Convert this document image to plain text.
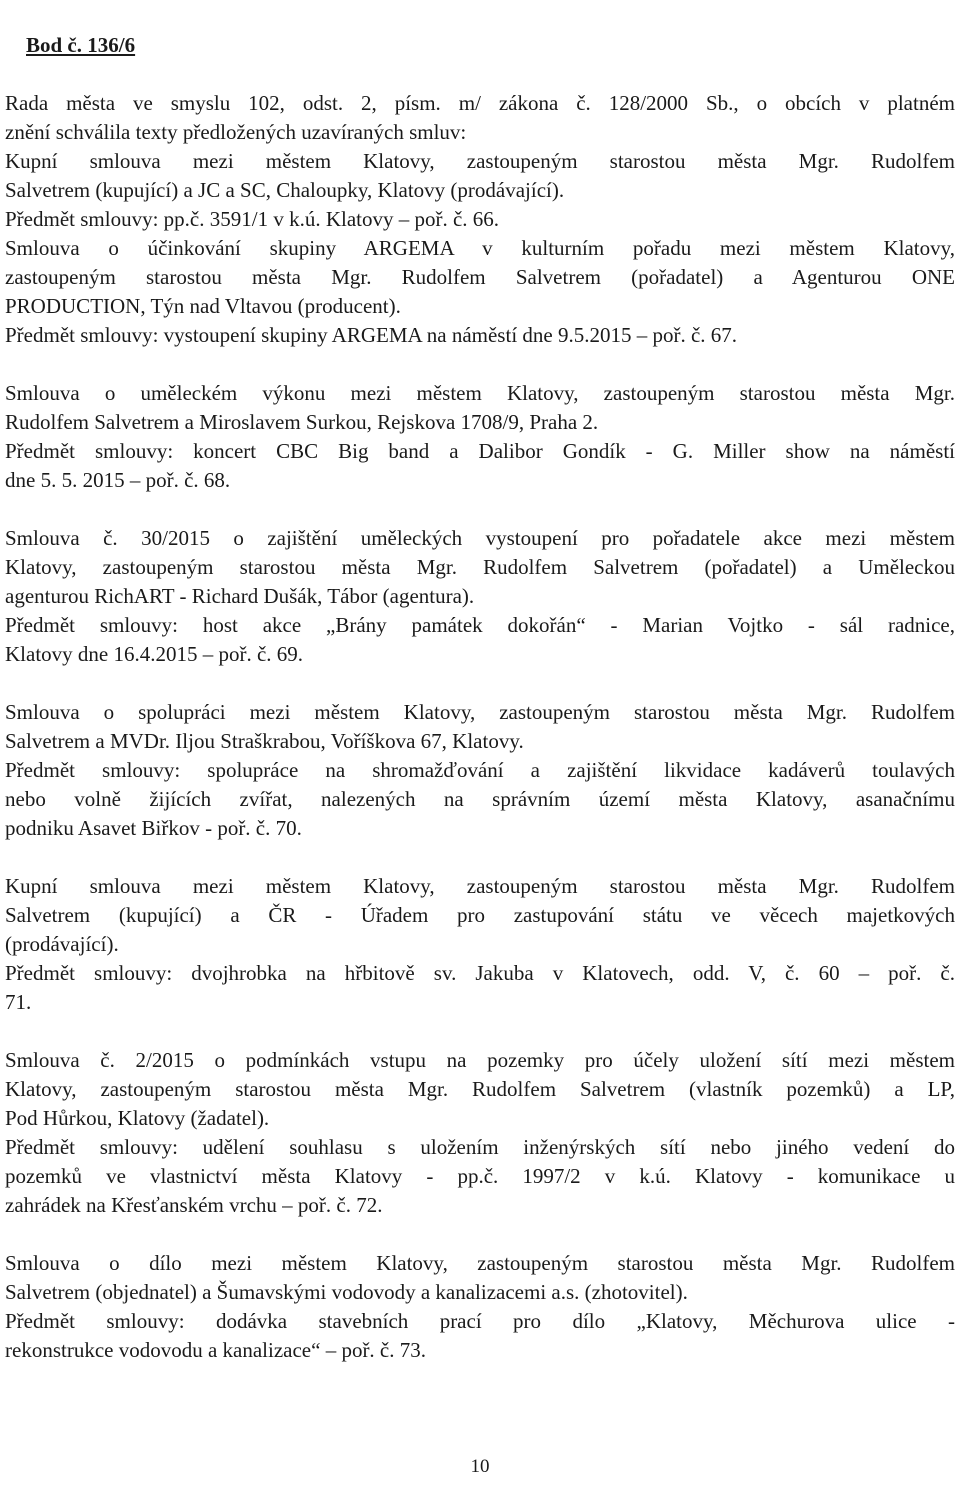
Bod č. 136/6

Rada města ve smyslu 102, odst. 2, písm. m/ zákona č. 128/2000 Sb., o obcích v platném
znění schválila texty předložených uzavíraných smluv:
Kupní smlouva mezi městem Klatovy, zastoupeným starostou města Mgr. Rudolfem
Salvetrem (kupující) a JC a SC, Chaloupky, Klatovy (prodávající).
Předmět smlouvy: pp.č. 3591/1 v k.ú. Klatovy – poř. č. 66.
Smlouva o účinkování skupiny ARGEMA v kulturním pořadu mezi městem Klatovy,
zastoupeným starostou města Mgr. Rudolfem Salvetrem (pořadatel) a Agenturou ONE
PRODUCTION, Týn nad Vltavou (producent).
Předmět smlouvy: vystoupení skupiny ARGEMA na náměstí dne 9.5.2015 – poř. č. 67.
Smlouva o uměleckém výkonu mezi městem Klatovy, zastoupeným starostou města Mgr.
Rudolfem Salvetrem a Miroslavem Surkou, Rejskova 1708/9, Praha 2.
Předmět smlouvy: koncert CBC Big band a Dalibor Gondík - G. Miller show na náměstí
dne 5. 5. 2015 – poř. č. 68.
Smlouva č. 30/2015 o zajištění uměleckých vystoupení pro pořadatele akce mezi městem
Klatovy, zastoupeným starostou města Mgr. Rudolfem Salvetrem (pořadatel) a Uměleckou
agenturou RichART - Richard Dušák, Tábor (agentura).
Předmět smlouvy: host akce „Brány památek dokořán“ - Marian Vojtko - sál radnice,
Klatovy dne 16.4.2015 – poř. č. 69.
Smlouva o spolupráci mezi městem Klatovy, zastoupeným starostou města Mgr. Rudolfem
Salvetrem a MVDr. Iljou Straškrabou, Voříškova 67, Klatovy.
Předmět smlouvy: spolupráce na shromažďování a zajištění likvidace kadáverů toulavých
nebo volně žijících zvířat, nalezených na správním území města Klatovy, asanačnímu
podniku Asavet Biřkov - poř. č. 70.
Kupní smlouva mezi městem Klatovy, zastoupeným starostou města Mgr. Rudolfem
Salvetrem (kupující) a ČR - Úřadem pro zastupování státu ve věcech majetkových
(prodávající).
Předmět smlouvy: dvojhrobka na hřbitově sv. Jakuba v Klatovech, odd. V, č. 60 – poř. č.
71.
Smlouva č. 2/2015 o podmínkách vstupu na pozemky pro účely uložení sítí mezi městem
Klatovy, zastoupeným starostou města Mgr. Rudolfem Salvetrem (vlastník pozemků) a LP,
Pod Hůrkou, Klatovy (žadatel).
Předmět smlouvy: udělení souhlasu s uložením inženýrských sítí nebo jiného vedení do
pozemků ve vlastnictví města Klatovy - pp.č. 1997/2 v k.ú. Klatovy - komunikace u
zahrádek na Křesťanském vrchu – poř. č. 72.
Smlouva o dílo mezi městem Klatovy, zastoupeným starostou města Mgr. Rudolfem
Salvetrem (objednatel) a Šumavskými vodovody a kanalizacemi a.s. (zhotovitel).
Předmět smlouvy: dodávka stavebních prací pro dílo „Klatovy, Měchurova ulice -
rekonstrukce vodovodu a kanalizace“ – poř. č. 73.
10
